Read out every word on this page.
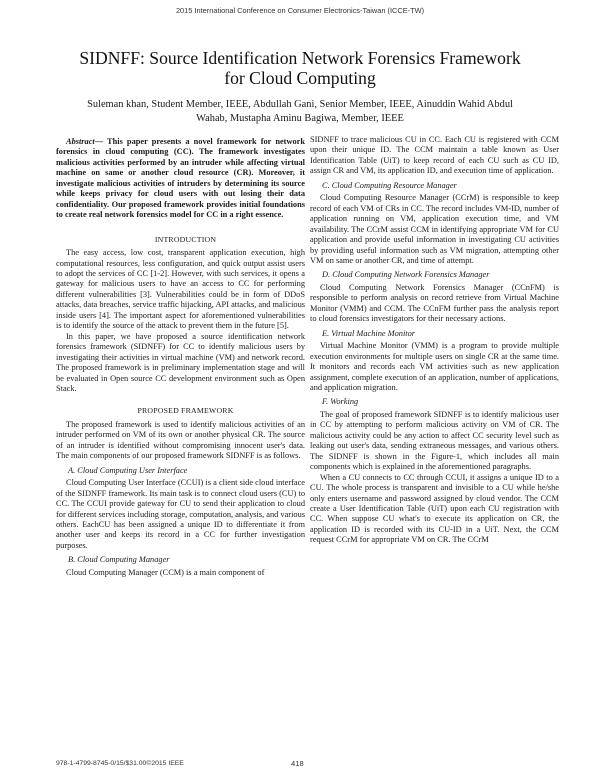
2015 International Conference on Consumer Electronics-Taiwan (ICCE-TW)
SIDNFF: Source Identification Network Forensics Framework
for Cloud Computing
Suleman khan, Student Member, IEEE, Abdullah Gani, Senior Member, IEEE, Ainuddin Wahid Abdul
Wahab, Mustapha Aminu Bagiwa, Member, IEEE

Abstract— This paper presents a novel framework for network forensics in cloud computing (CC). The framework investigates malicious activities performed by an intruder while affecting virtual machine on same or another cloud resource (CR). Moreover, it investigate malicious activities of intruders by determining its source while keeps privacy for cloud users with out losing their data confidentiality. Our proposed framework provides initial foundations to create real network forensics model for CC in a right essence.

INTRODUCTION

The easy access, low cost, transparent application execution, high computational resources, less configuration, and quick output assist users to adopt the services of CC [1-2]. However, with such services, it opens a gateway for malicious users to have an access to CC for performing different vulnerabilities [3]. Vulnerabilities could be in form of DDoS attacks, data breaches, service traffic hijacking, API attacks, and malicious inside users [4]. The important aspect for aforementioned vulnerabilities is to identify the source of the attack to prevent them in the future [5].

In this paper, we have proposed a source identification network forensics framework (SIDNFF) for CC to identify malicious users by investigating their activities in virtual machine (VM) and network record. The proposed framework is in preliminary implementation stage and will be evaluated in Open source CC development environment such as Open Stack.

PROPOSED FRAMEWORK

The proposed framework is used to identify malicious activities of an intruder performed on VM of its own or another physical CR. The source of an intruder is identified without compromising innocent user's data. The main components of our proposed framework SIDNFF is as follows.

A. Cloud Computing User Interface

Cloud Computing User Interface (CCUI) is a client side cloud interface of the SIDNFF framework. Its main task is to connect cloud users (CU) to CC. The CCUI provide gateway for CU to send their application to cloud for different services including storage, computation, analysis, and various others. EachCU has been assigned a unique ID to differentiate it from another user and keeps its record in a CC for further investigation purposes.

B. Cloud Computing Manager

Cloud Computing Manager (CCM) is a main component of

SIDNFF to trace malicious CU in CC. Each CU is registered with CCM upon their unique ID. The CCM maintain a table known as User Identification Table (UiT) to keep record of each CU such as CU ID, assign CR and VM, its application ID, and execution time of application.

C. Cloud Computing Resource Manager

Cloud Computing Resource Manager (CCrM) is responsible to keep record of each VM of CRs in CC. The record includes VM-ID, number of application running on VM, application execution time, and VM availability. The CCrM assist CCM in identifying appropriate VM for CU application and provide useful information in investigating CU activities by providing useful information such as VM migration, attempting other VM on same or another CR, and time of attempt.

D. Cloud Computing Network Forensics Manager

Cloud Computing Network Forensics Manager (CCnFM) is responsible to perform analysis on record retrieve from Virtual Machine Monitor (VMM) and CCM. The CCnFM further pass the analysis report to cloud forensics investigators for their necessary actions.

E. Virtual Machine Monitor

Virtual Machine Monitor (VMM) is a program to provide multiple execution environments for multiple users on single CR at the same time. It monitors and records each VM activities such as new application assignment, complete execution of an application, number of applications, and application migration.

F. Working

The goal of proposed framework SIDNFF is to identify malicious user in CC by attempting to perform malicious activity on VM of CR. The malicious activity could be any action to affect CC security level such as leaking out user's data, sending extraneous messages, and various others. The SIDNFF is shown in the Figure-1, which includes all main components which is explained in the aforementioned paragraphs.

When a CU connects to CC through CCUI, it assigns a unique ID to a CU. The whole process is transparent and invisible to a CU while he/she only enters username and password assigned by cloud vendor. The CCM create a User Identification Table (UiT) upon each CU registration with CC. When suppose CU what's to execute its application on CR, the application ID is recorded with its CU-ID in a UiT. Next, the CCM request CCrM for appropriate VM on CR. The CCrM

978-1-4799-8745-0/15/$31.00©2015 IEEE	418
